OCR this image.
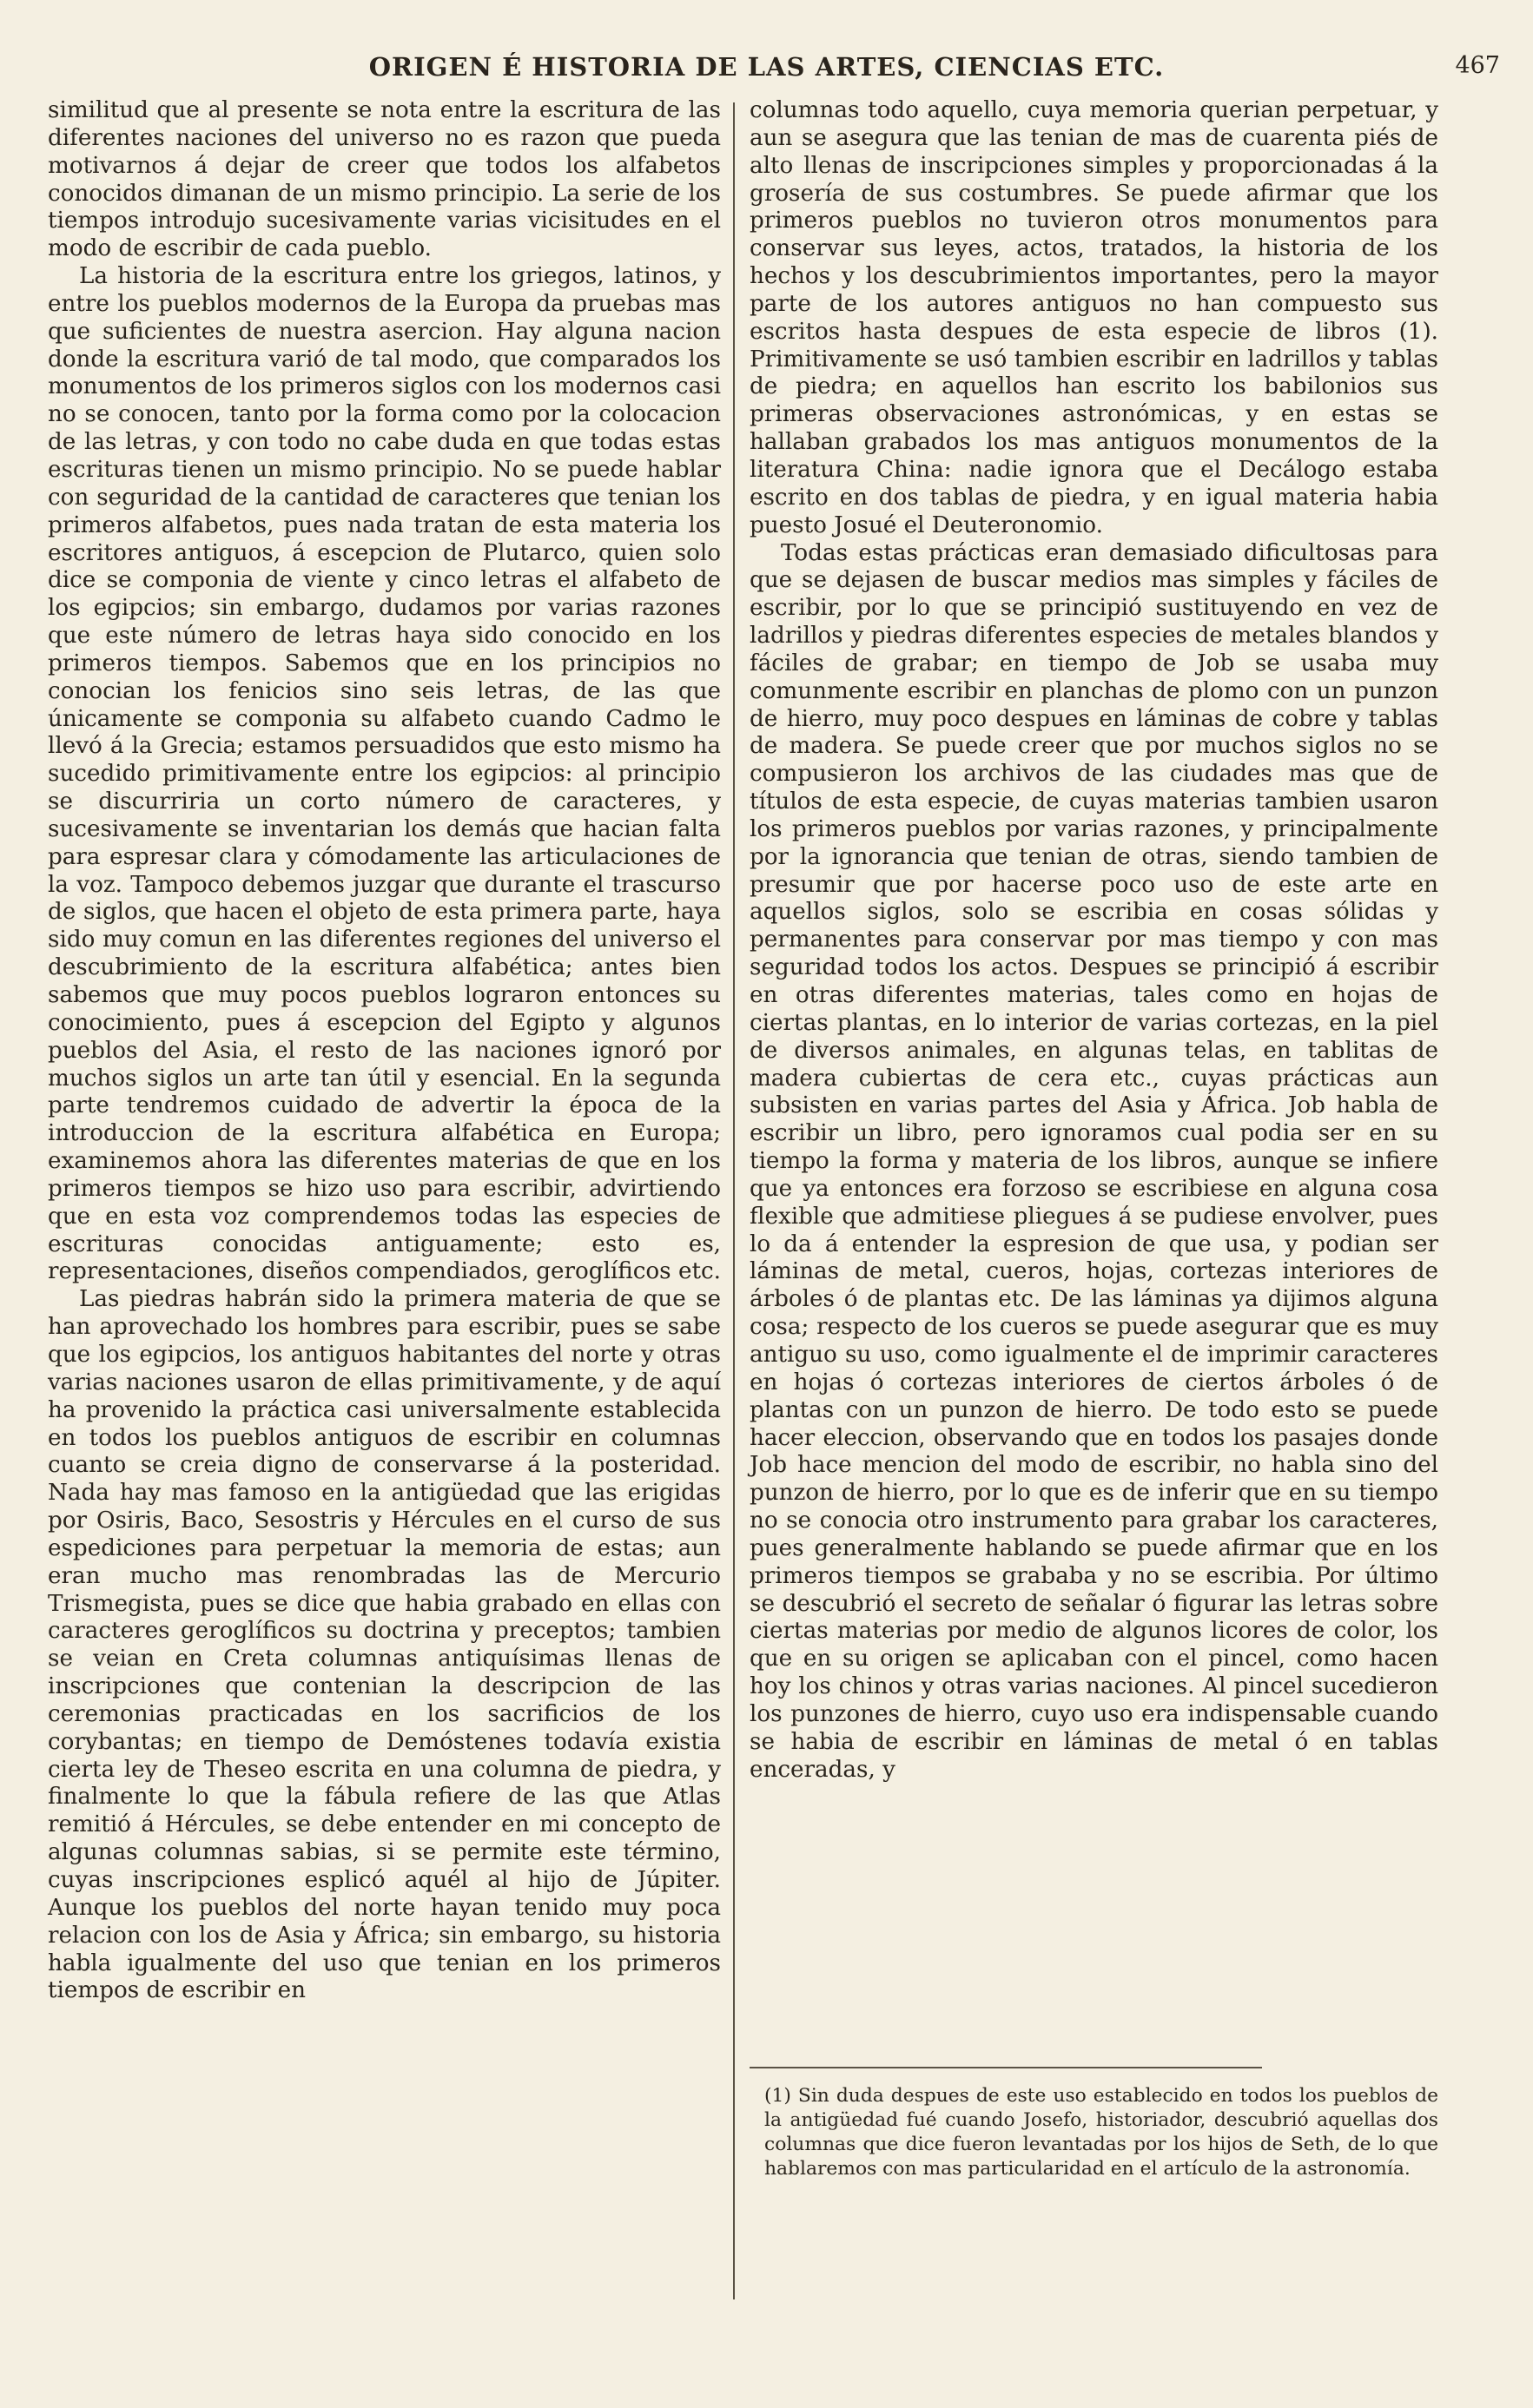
ORIGEN É HISTORIA DE LAS ARTES, CIENCIAS ETC.	467

similitud que al presente se nota entre la escritura de las diferentes naciones del universo no es razon que pueda motivarnos á dejar de creer que todos los alfabetos conocidos dimanan de un mismo principio. La serie de los tiempos introdujo sucesivamente varias vicisitudes en el modo de escribir de cada pueblo.

La historia de la escritura entre los griegos, latinos, y entre los pueblos modernos de la Europa da pruebas mas que suficientes de nuestra asercion. Hay alguna nacion donde la escritura varió de tal modo, que comparados los monumentos de los primeros siglos con los modernos casi no se conocen, tanto por la forma como por la colocacion de las letras, y con todo no cabe duda en que todas estas escrituras tienen un mismo principio. No se puede hablar con seguridad de la cantidad de caracteres que tenian los primeros alfabetos, pues nada tratan de esta materia los escritores antiguos, á escepcion de Plutarco, quien solo dice se componia de viente y cinco letras el alfabeto de los egipcios; sin embargo, dudamos por varias razones que este número de letras haya sido conocido en los primeros tiempos. Sabemos que en los principios no conocian los fenicios sino seis letras, de las que únicamente se componia su alfabeto cuando Cadmo le llevó á la Grecia; estamos persuadidos que esto mismo ha sucedido primitivamente entre los egipcios: al principio se discurriria un corto número de caracteres, y sucesivamente se inventarian los demás que hacian falta para espresar clara y cómodamente las articulaciones de la voz. Tampoco debemos juzgar que durante el trascurso de siglos, que hacen el objeto de esta primera parte, haya sido muy comun en las diferentes regiones del universo el descubrimiento de la escritura alfabética; antes bien sabemos que muy pocos pueblos lograron entonces su conocimiento, pues á escepcion del Egipto y algunos pueblos del Asia, el resto de las naciones ignoró por muchos siglos un arte tan útil y esencial. En la segunda parte tendremos cuidado de advertir la época de la introduccion de la escritura alfabética en Europa; examinemos ahora las diferentes materias de que en los primeros tiempos se hizo uso para escribir, advirtiendo que en esta voz comprendemos todas las especies de escrituras conocidas antiguamente; esto es, representaciones, diseños compendiados, geroglíficos etc.

Las piedras habrán sido la primera materia de que se han aprovechado los hombres para escribir, pues se sabe que los egipcios, los antiguos habitantes del norte y otras varias naciones usaron de ellas primitivamente, y de aquí ha provenido la práctica casi universalmente establecida en todos los pueblos antiguos de escribir en columnas cuanto se creia digno de conservarse á la posteridad. Nada hay mas famoso en la antigüedad que las erigidas por Osiris, Baco, Sesostris y Hércules en el curso de sus espediciones para perpetuar la memoria de estas; aun eran mucho mas renombradas las de Mercurio Trismegista, pues se dice que habia grabado en ellas con caracteres geroglíficos su doctrina y preceptos; tambien se veian en Creta columnas antiquísimas llenas de inscripciones que contenian la descripcion de las ceremonias practicadas en los sacrificios de los corybantas; en tiempo de Demóstenes todavía existia cierta ley de Theseo escrita en una columna de piedra, y finalmente lo que la fábula refiere de las que Atlas remitió á Hércules, se debe entender en mi concepto de algunas columnas sabias, si se permite este término, cuyas inscripciones esplicó aquél al hijo de Júpiter. Aunque los pueblos del norte hayan tenido muy poca relacion con los de Asia y África; sin embargo, su historia habla igualmente del uso que tenian en los primeros tiempos de escribir en

columnas todo aquello, cuya memoria querian perpetuar, y aun se asegura que las tenian de mas de cuarenta piés de alto llenas de inscripciones simples y proporcionadas á la grosería de sus costumbres. Se puede afirmar que los primeros pueblos no tuvieron otros monumentos para conservar sus leyes, actos, tratados, la historia de los hechos y los descubrimientos importantes, pero la mayor parte de los autores antiguos no han compuesto sus escritos hasta despues de esta especie de libros (1). Primitivamente se usó tambien escribir en ladrillos y tablas de piedra; en aquellos han escrito los babilonios sus primeras observaciones astronómicas, y en estas se hallaban grabados los mas antiguos monumentos de la literatura China: nadie ignora que el Decálogo estaba escrito en dos tablas de piedra, y en igual materia habia puesto Josué el Deuteronomio.

Todas estas prácticas eran demasiado dificultosas para que se dejasen de buscar medios mas simples y fáciles de escribir, por lo que se principió sustituyendo en vez de ladrillos y piedras diferentes especies de metales blandos y fáciles de grabar; en tiempo de Job se usaba muy comunmente escribir en planchas de plomo con un punzon de hierro, muy poco despues en láminas de cobre y tablas de madera. Se puede creer que por muchos siglos no se compusieron los archivos de las ciudades mas que de títulos de esta especie, de cuyas materias tambien usaron los primeros pueblos por varias razones, y principalmente por la ignorancia que tenian de otras, siendo tambien de presumir que por hacerse poco uso de este arte en aquellos siglos, solo se escribia en cosas sólidas y permanentes para conservar por mas tiempo y con mas seguridad todos los actos. Despues se principió á escribir en otras diferentes materias, tales como en hojas de ciertas plantas, en lo interior de varias cortezas, en la piel de diversos animales, en algunas telas, en tablitas de madera cubiertas de cera etc., cuyas prácticas aun subsisten en varias partes del Asia y África. Job habla de escribir un libro, pero ignoramos cual podia ser en su tiempo la forma y materia de los libros, aunque se infiere que ya entonces era forzoso se escribiese en alguna cosa flexible que admitiese pliegues á se pudiese envolver, pues lo da á entender la espresion de que usa, y podian ser láminas de metal, cueros, hojas, cortezas interiores de árboles ó de plantas etc. De las láminas ya dijimos alguna cosa; respecto de los cueros se puede asegurar que es muy antiguo su uso, como igualmente el de imprimir caracteres en hojas ó cortezas interiores de ciertos árboles ó de plantas con un punzon de hierro. De todo esto se puede hacer eleccion, observando que en todos los pasajes donde Job hace mencion del modo de escribir, no habla sino del punzon de hierro, por lo que es de inferir que en su tiempo no se conocia otro instrumento para grabar los caracteres, pues generalmente hablando se puede afirmar que en los primeros tiempos se grababa y no se escribia. Por último se descubrió el secreto de señalar ó figurar las letras sobre ciertas materias por medio de algunos licores de color, los que en su origen se aplicaban con el pincel, como hacen hoy los chinos y otras varias naciones. Al pincel sucedieron los punzones de hierro, cuyo uso era indispensable cuando se habia de escribir en láminas de metal ó en tablas enceradas, y

(1) Sin duda despues de este uso establecido en todos los pueblos de la antigüedad fué cuando Josefo, historiador, descubrió aquellas dos columnas que dice fueron levantadas por los hijos de Seth, de lo que hablaremos con mas particularidad en el artículo de la astronomía.
